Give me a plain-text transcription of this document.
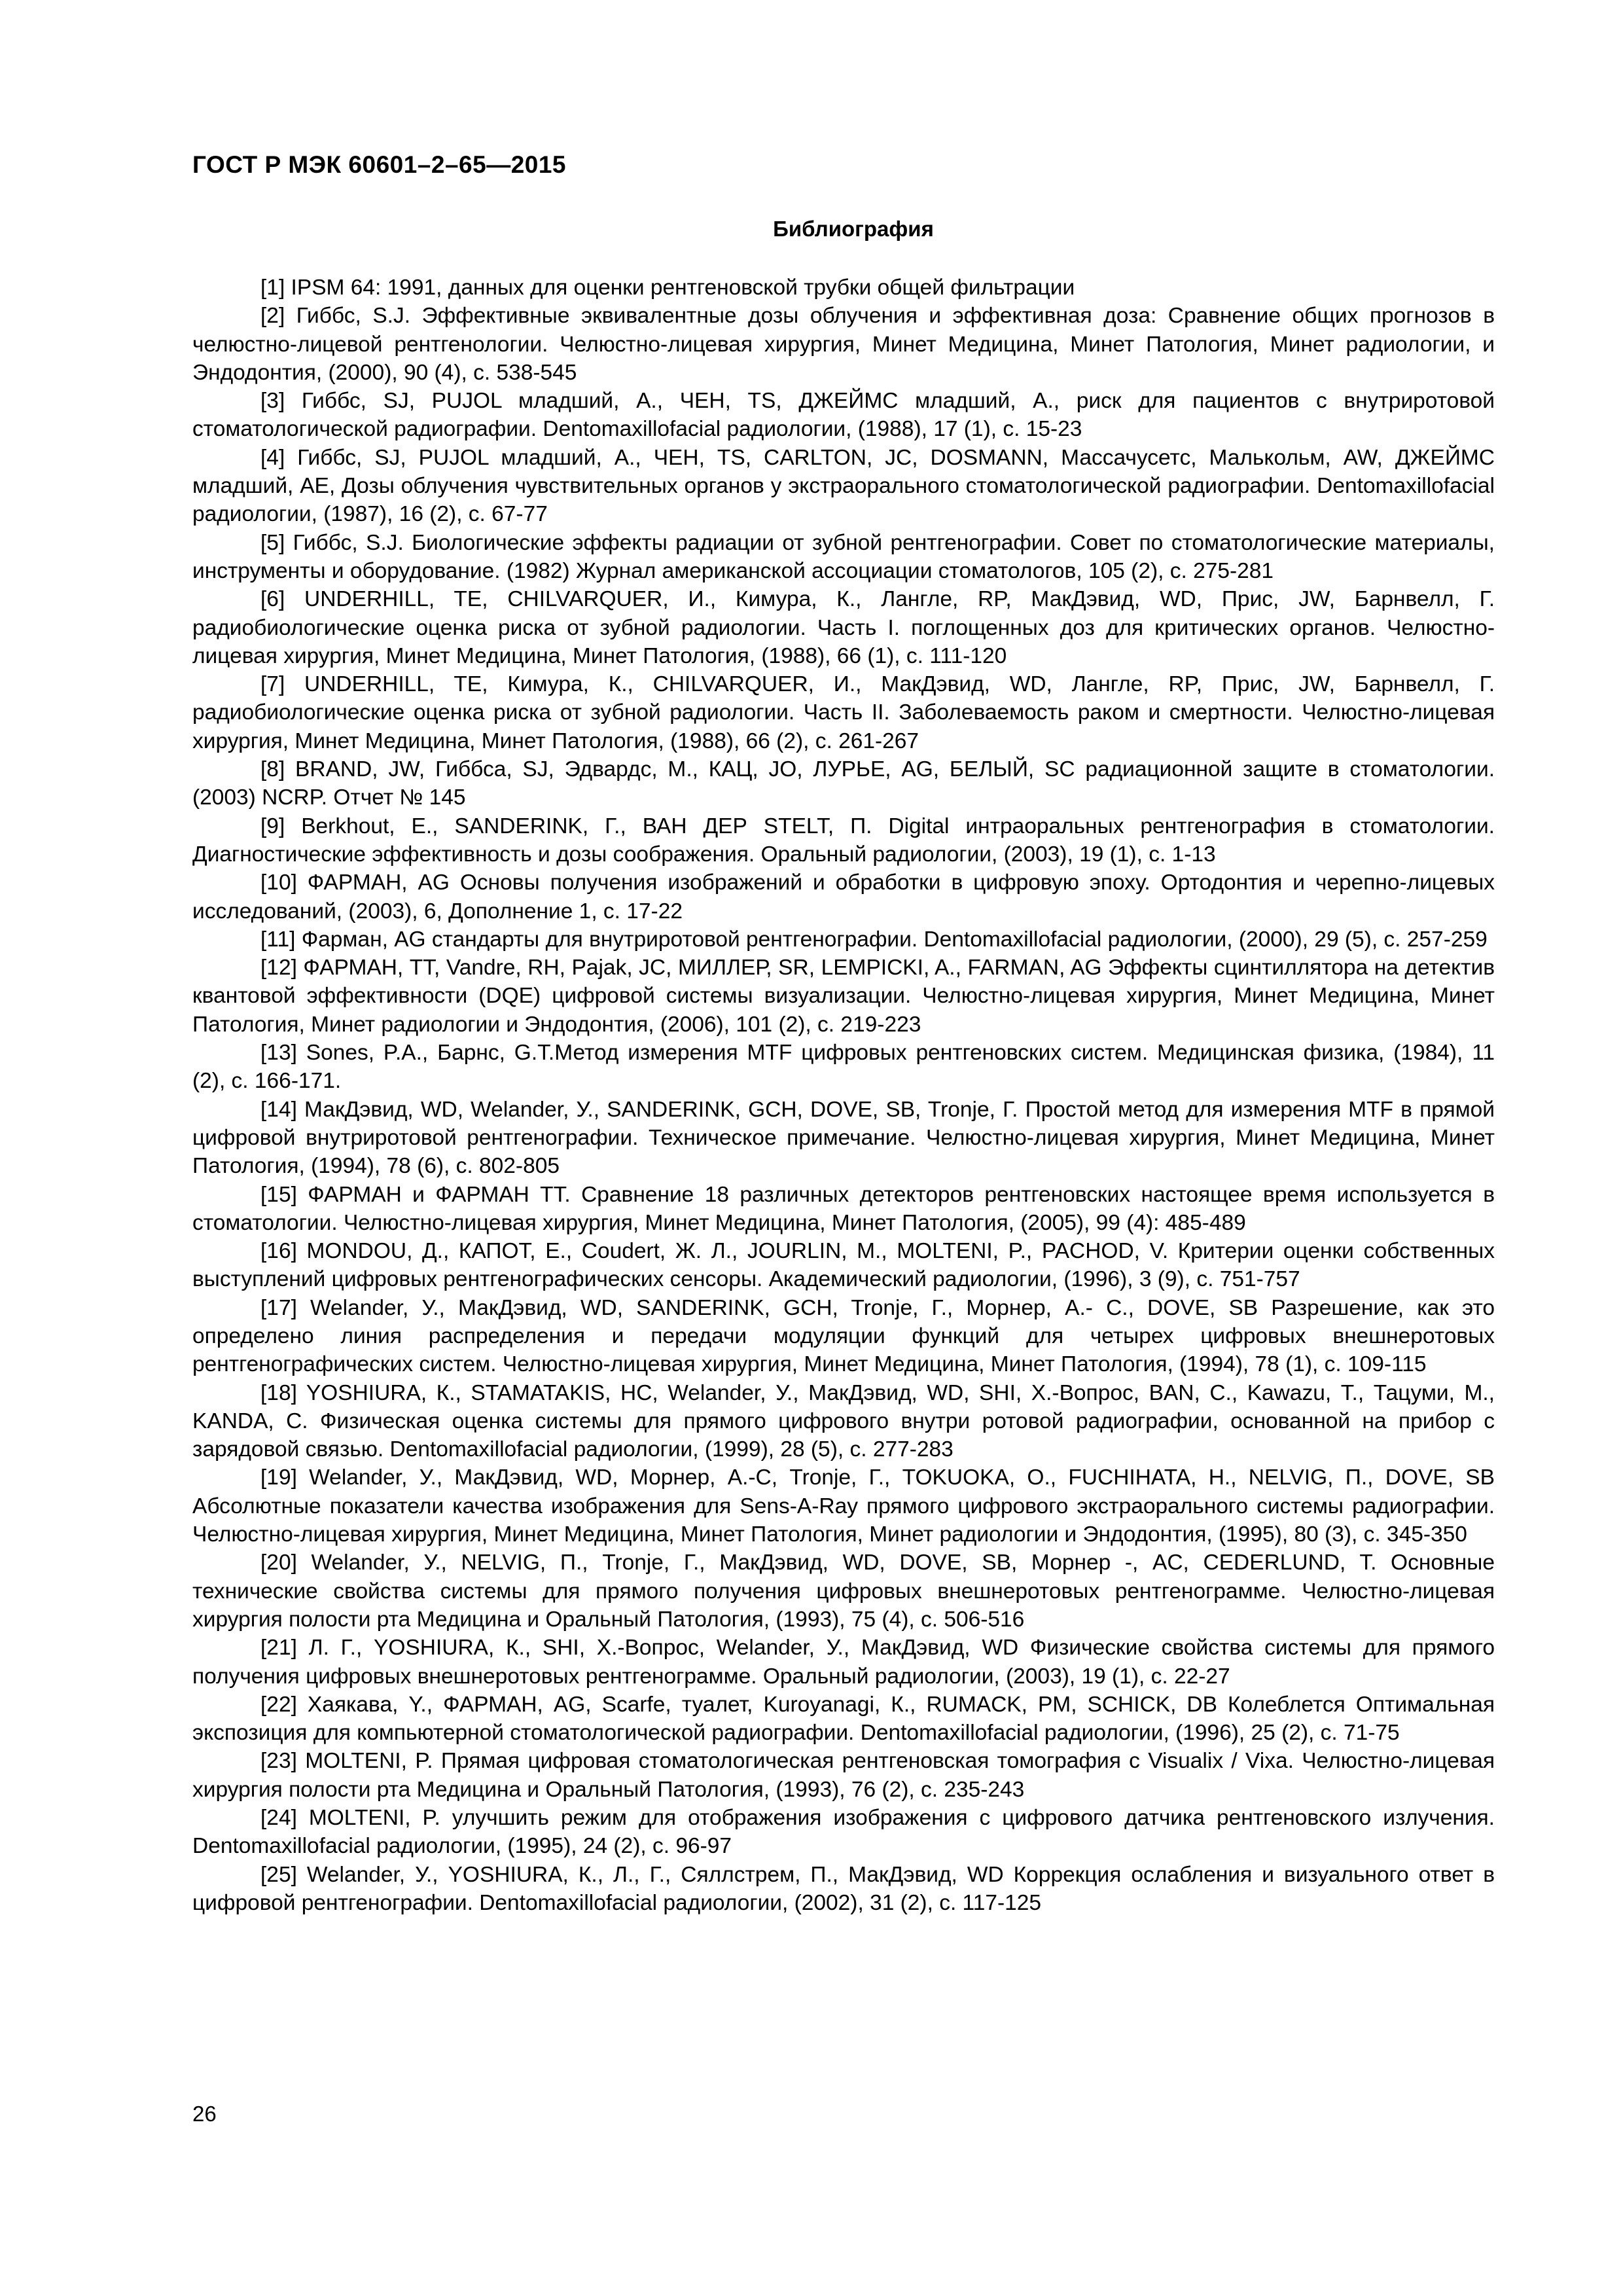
ГОСТ Р МЭК 60601–2–65—2015
Библиография

[1] IPSM 64: 1991, данных для оценки рентгеновской трубки общей фильтрации

[2] Гиббс, S.J. Эффективные эквивалентные дозы облучения и эффективная доза: Сравнение общих прогнозов в челюстно-лицевой рентгенологии. Челюстно-лицевая хирургия, Минет Медицина, Минет Патология, Минет радиологии, и Эндодонтия, (2000), 90 (4), с. 538-545

[3] Гиббс, SJ, PUJOL младший, А., ЧЕН, TS, ДЖЕЙМС младший, А., риск для пациентов с внутриротовой стоматологической радиографии. Dentomaxillofacial радиологии, (1988), 17 (1), с. 15-23

[4] Гиббс, SJ, PUJOL младший, А., ЧЕН, TS, CARLTON, JC, DOSMANN, Массачусетс, Малькольм, AW, ДЖЕЙМС младший, AE, Дозы облучения чувствительных органов у экстраорального стоматологической радиографии. Dentomaxillofacial радиологии, (1987), 16 (2), с. 67-77

[5] Гиббс, S.J. Биологические эффекты радиации от зубной рентгенографии. Совет по стоматологические материалы, инструменты и оборудование. (1982) Журнал американской ассоциации стоматологов, 105 (2), с. 275-281

[6] UNDERHILL, TE, CHILVARQUER, И., Кимура, К., Лангле, RP, МакДэвид, WD, Прис, JW, Барнвелл, Г. радиобиологические оценка риска от зубной радиологии. Часть I. поглощенных доз для критических органов. Челюстно-лицевая хирургия, Минет Медицина, Минет Патология, (1988), 66 (1), с. 111-120

[7] UNDERHILL, TE, Кимура, К., CHILVARQUER, И., МакДэвид, WD, Лангле, RP, Прис, JW, Барнвелл, Г. радиобиологические оценка риска от зубной радиологии. Часть II. Заболеваемость раком и смертности. Челюстно-лицевая хирургия, Минет Медицина, Минет Патология, (1988), 66 (2), с. 261-267

[8] BRAND, JW, Гиббса, SJ, Эдвардс, М., КАЦ, JO, ЛУРЬЕ, AG, БЕЛЫЙ, SC радиационной защите в стоматологии. (2003) NCRP. Отчет № 145

[9] Berkhout, E., SANDERINK, Г., ВАН ДЕР STELT, П. Digital интраоральных рентгенография в стоматологии. Диагностические эффективность и дозы соображения. Оральный радиологии, (2003), 19 (1), с. 1-13

[10] ФАРМАН, AG Основы получения изображений и обработки в цифровую эпоху. Ортодонтия и черепно-лицевых исследований, (2003), 6, Дополнение 1, с. 17-22

[11] Фарман, AG стандарты для внутриротовой рентгенографии. Dentomaxillofacial радиологии, (2000), 29 (5), с. 257-259

[12] ФАРМАН, TT, Vandre, RH, Pajak, JC, МИЛЛЕР, SR, LEMPICKI, A., FARMAN, AG Эффекты сцинтиллятора на детектив квантовой эффективности (DQE) цифровой системы визуализации. Челюстно-лицевая хирургия, Минет Медицина, Минет Патология, Минет радиологии и Эндодонтия, (2006), 101 (2), с. 219-223

[13] Sones, P.A., Барнс, G.T.Метод измерения MTF цифровых рентгеновских систем. Медицинская физика, (1984), 11 (2), с. 166-171.

[14] МакДэвид, WD, Welander, У., SANDERINK, GCH, DOVE, SB, Tronje, Г. Простой метод для измерения MTF в прямой цифровой внутриротовой рентгенографии. Техническое примечание. Челюстно-лицевая хирургия, Минет Медицина, Минет Патология, (1994), 78 (6), с. 802-805

[15] ФАРМАН и ФАРМАН TT. Сравнение 18 различных детекторов рентгеновских настоящее время используется в стоматологии. Челюстно-лицевая хирургия, Минет Медицина, Минет Патология, (2005), 99 (4): 485-489

[16] MONDOU, Д., КАПОТ, Е., Coudert, Ж. Л., JOURLIN, М., MOLTENI, P., PACHOD, V. Критерии оценки собственных выступлений цифровых рентгенографических сенсоры. Академический радиологии, (1996), 3 (9), с. 751-757

[17] Welander, У., МакДэвид, WD, SANDERINK, GCH, Tronje, Г., Морнер, А.- С., DOVE, SB Разрешение, как это определено линия распределения и передачи модуляции функций для четырех цифровых внешнеротовых рентгенографических систем. Челюстно-лицевая хирургия, Минет Медицина, Минет Патология, (1994), 78 (1), с. 109-115

[18] YOSHIURA, К., STAMATAKIS, HC, Welander, У., МакДэвид, WD, SHI, Х.-Вопрос, BAN, С., Kawazu, Т., Тацуми, М., KANDA, С. Физическая оценка системы для прямого цифрового внутри ротовой радиографии, основанной на прибор с зарядовой связью. Dentomaxillofacial радиологии, (1999), 28 (5), с. 277-283

[19] Welander, У., МакДэвид, WD, Морнер, А.-С, Tronje, Г., TOKUOKA, О., FUCHIHATA, H., NELVIG, П., DOVE, SB Абсолютные показатели качества изображения для Sens-A-Ray прямого цифрового экстраорального системы радиографии. Челюстно-лицевая хирургия, Минет Медицина, Минет Патология, Минет радиологии и Эндодонтия, (1995), 80 (3), с. 345-350

[20] Welander, У., NELVIG, П., Tronje, Г., МакДэвид, WD, DOVE, SB, Морнер -, AC, CEDERLUND, T. Основные технические свойства системы для прямого получения цифровых внешнеротовых рентгенограмме. Челюстно-лицевая хирургия полости рта Медицина и Оральный Патология, (1993), 75 (4), с. 506-516

[21] Л. Г., YOSHIURA, К., SHI, Х.-Вопрос, Welander, У., МакДэвид, WD Физические свойства системы для прямого получения цифровых внешнеротовых рентгенограмме. Оральный радиологии, (2003), 19 (1), с. 22-27

[22] Хаякава, Y., ФАРМАН, AG, Scarfe, туалет, Kuroyanagi, К., RUMACK, PM, SCHICK, DB Колеблется Оптимальная экспозиция для компьютерной стоматологической радиографии. Dentomaxillofacial радиологии, (1996), 25 (2), с. 71-75

[23] MOLTENI, P. Прямая цифровая стоматологическая рентгеновская томография с Visualix / Vixa. Челюстно-лицевая хирургия полости рта Медицина и Оральный Патология, (1993), 76 (2), с. 235-243

[24] MOLTENI, P. улучшить режим для отображения изображения с цифрового датчика рентгеновского излучения. Dentomaxillofacial радиологии, (1995), 24 (2), с. 96-97

[25] Welander, У., YOSHIURA, К., Л., Г., Сяллстрем, П., МакДэвид, WD Коррекция ослабления и визуального ответ в цифровой рентгенографии. Dentomaxillofacial радиологии, (2002), 31 (2), с. 117-125

26
